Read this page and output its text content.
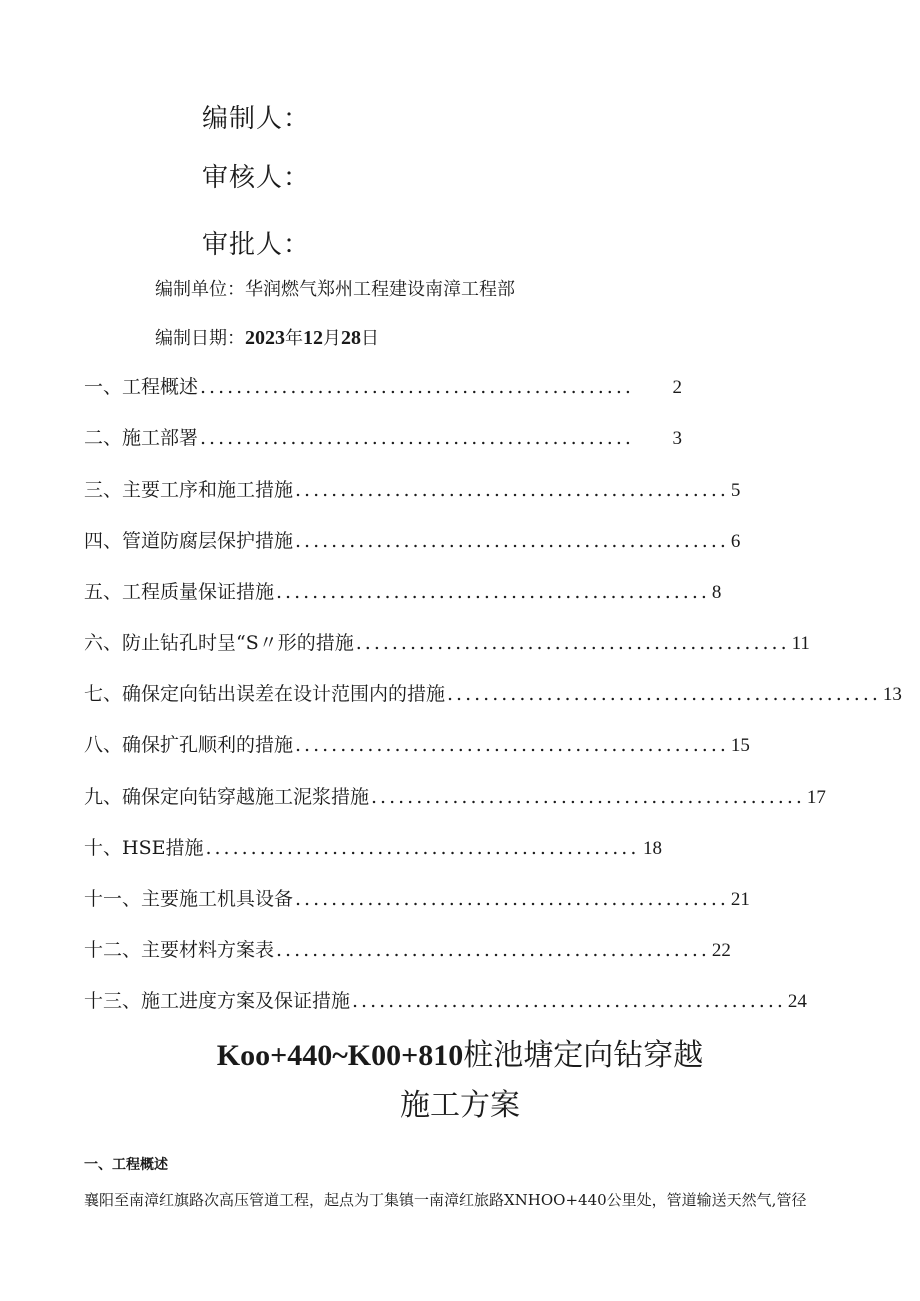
编制人：
审核人：
审批人：
编制单位：华润燃气郑州工程建设南漳工程部
编制日期：2023年12月28日
一、工程概述 ................................................	2
二、施工部署 ................................................	3
三、主要工序和施工措施 ................................................ 5
四、管道防腐层保护措施 ................................................ 6
五、工程质量保证措施 ................................................ 8
六、防止钻孔时呈“S〃形的措施 ................................................ 11
七、确保定向钻出误差在设计范围内的措施 ................................................ 13
八、确保扩孔顺利的措施 ................................................ 15
九、确保定向钻穿越施工泥浆措施 ................................................ 17
十、HSE措施 ................................................ 18
十一、主要施工机具设备 ................................................ 21
十二、主要材料方案表 ................................................ 22
十三、施工进度方案及保证措施 ................................................ 24
Koo+440~K00+810桩池塘定向钻穿越
施工方案
一、工程概述
襄阳至南漳红旗路次高压管道工程，起点为丁集镇一南漳红旅路XNHOO+440公里处，管道输送天然气,管径
